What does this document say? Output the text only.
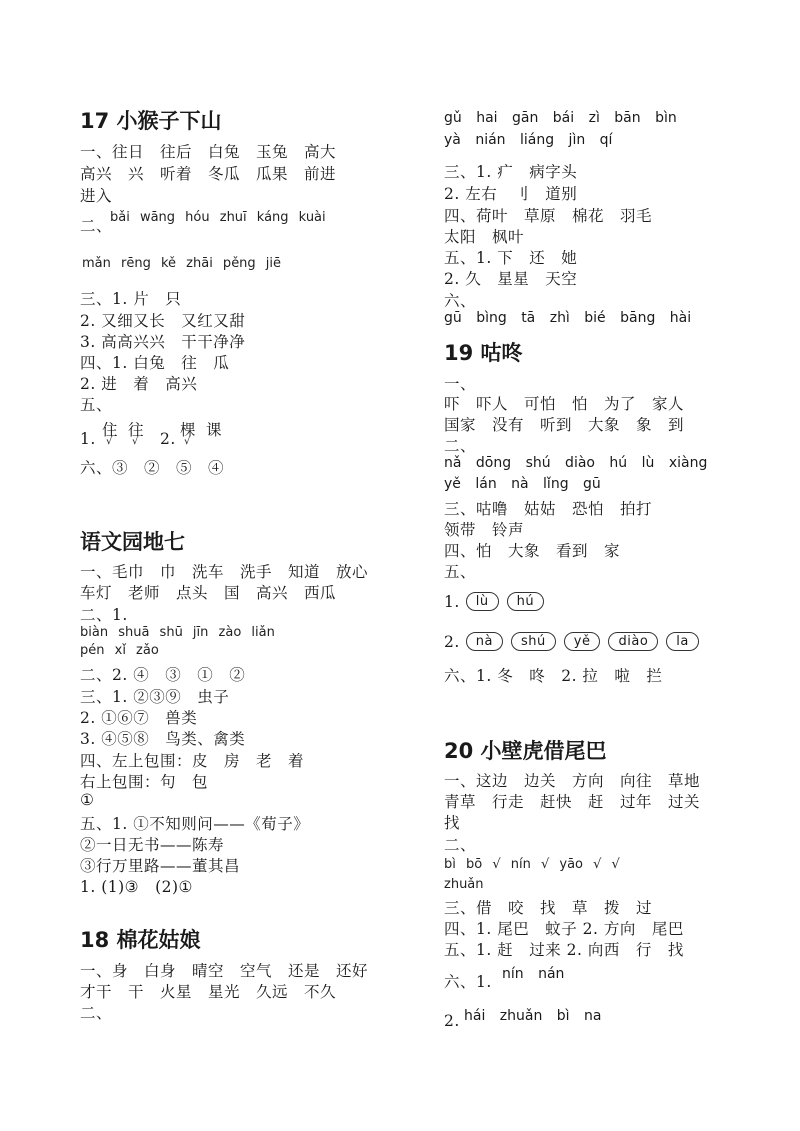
17 小猴子下山
一、往日　往后　白兔　玉兔　高大
高兴　兴　听着　冬瓜　瓜果　前进
进入
二、
bǎi wāng hóu zhuī káng kuài
mǎn rēng kě zhāi pěng jiē
三、1. 片　只
2. 又细又长　又红又甜
3. 高高兴兴　干干净净
四、1. 白兔　往　瓜
2. 进　着　高兴
五、
1. 住
√
往
√ 2. 棵
√
课
六、③　②　⑤　④
语文园地七
一、毛巾　巾　洗车　洗手　知道　放心
车灯　老师　点头　国　高兴　西瓜
二、1.
biàn shuā shū jīn zào liǎn
pén xǐ zǎo
二、2. ④　③　①　②
三、1. ②③⑨　虫子
2. ①⑥⑦　兽类
3. ④⑤⑧　鸟类、禽类
四、左上包围：皮　房　老　着
右上包围：句　包
①
五、1. ①不知则问——《荀子》
②一日无书——陈寿
③行万里路——董其昌
1. (1)③　(2)①
18 棉花姑娘
一、身　白身　晴空　空气　还是　还好
才干　干　火星　星光　久远　不久
二、
gǔ hai gān bái zì bān bìn
yà nián liáng jìn qí
三、1. 疒　病字头
2. 左右　刂　道别
四、荷叶　草原　棉花　羽毛
太阳　枫叶
五、1. 下　还　她
2. 久　星星　天空
六、
gū bìng tā zhì bié bāng hài
19 咕咚
一、
吓　吓人　可怕　怕　为了　家人
国家　没有　听到　大象　象　到
二、
nǎ dōng shú diào hú lù xiàng
yě lán nà lǐng gū
三、咕噜　姑姑　恐怕　拍打
领带　铃声
四、怕　大象　看到　家
五、
1.	lù	hú
2.	nà	shú	yě	diào	la
六、1. 冬　咚　2. 拉　啦　拦
20 小壁虎借尾巴
一、这边　边关　方向　向往　草地
青草　行走　赶快　赶　过年　过关
找
二、
bì bō √ nín √ yāo √ √
zhuǎn
三、借　咬　找　草　拨　过
四、1. 尾巴　蚊子 2. 方向　尾巴
五、1. 赶　过来 2. 向西　行　找
六、1. nín nán
2. hái zhuǎn bì na
